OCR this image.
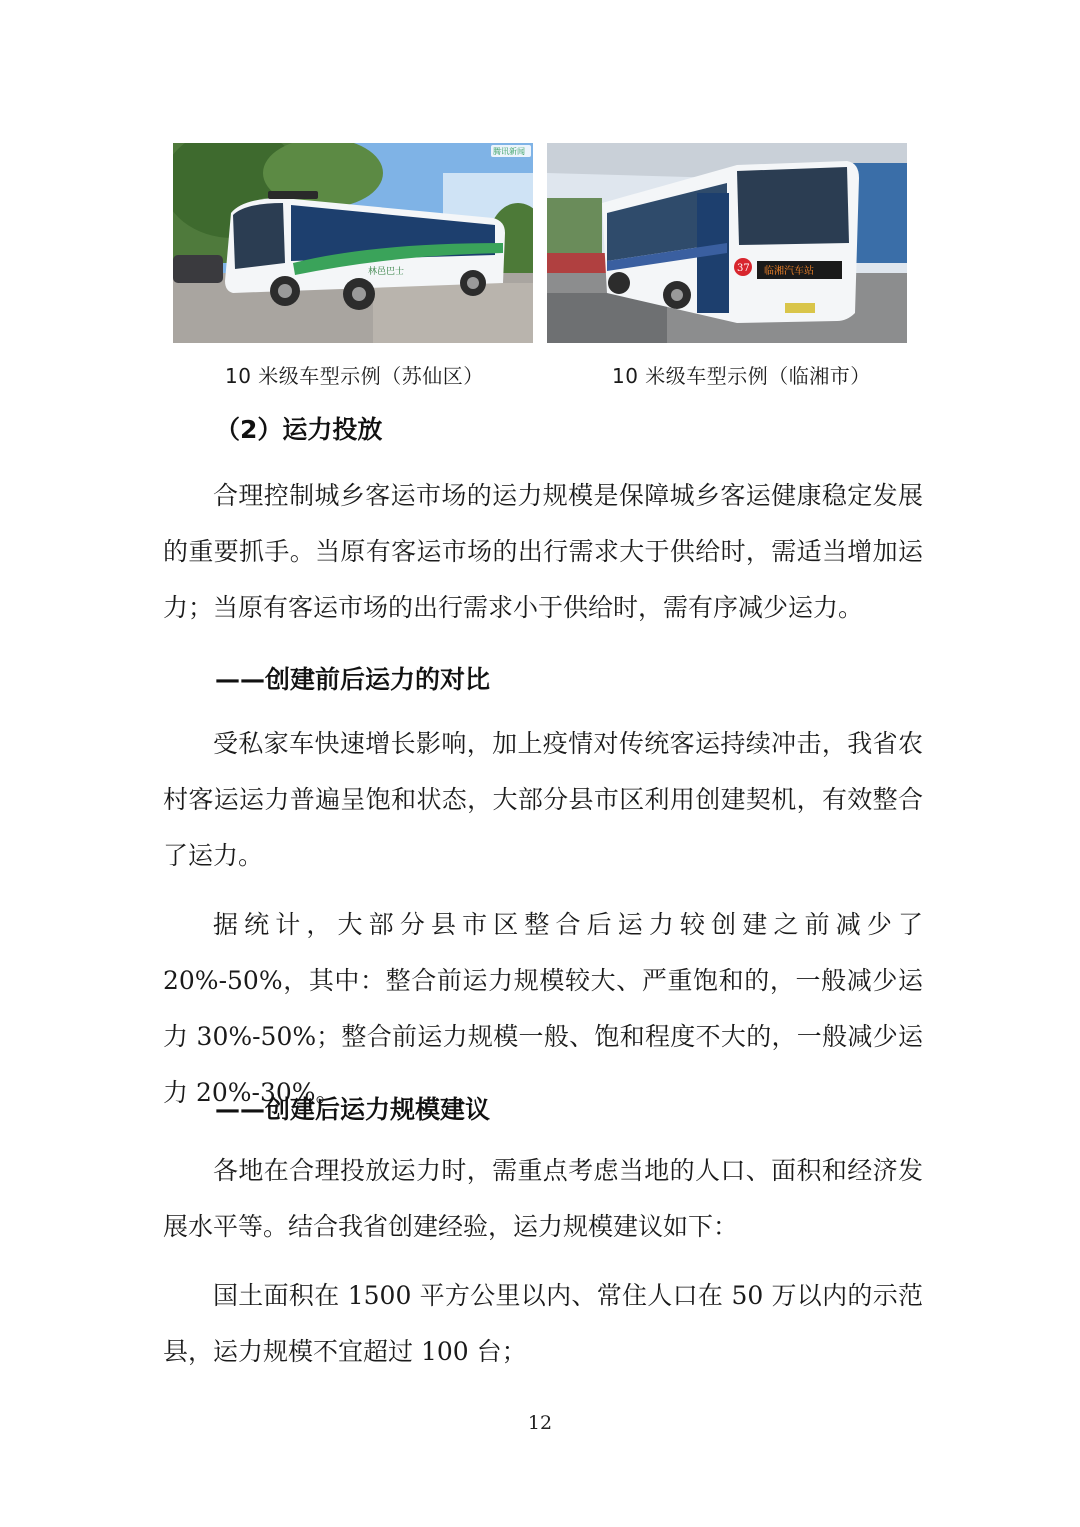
林邑巴士
腾讯新闻
临湘汽车站
37
10 米级车型示例（苏仙区）	10 米级车型示例（临湘市）
（2）运力投放

合理控制城乡客运市场的运力规模是保障城乡客运健康稳定发展的重要抓手。当原有客运市场的出行需求大于供给时，需适当增加运力；当原有客运市场的出行需求小于供给时，需有序减少运力。

——创建前后运力的对比

受私家车快速增长影响，加上疫情对传统客运持续冲击，我省农村客运运力普遍呈饱和状态，大部分县市区利用创建契机，有效整合了运力。

据统计，大部分县市区整合后运力较创建之前减少了 20%-50%，其中：整合前运力规模较大、严重饱和的，一般减少运力 30%-50%；整合前运力规模一般、饱和程度不大的，一般减少运力 20%-30%。

——创建后运力规模建议

各地在合理投放运力时，需重点考虑当地的人口、面积和经济发展水平等。结合我省创建经验，运力规模建议如下：

国土面积在 1500 平方公里以内、常住人口在 50 万以内的示范县，运力规模不宜超过 100 台；

12
